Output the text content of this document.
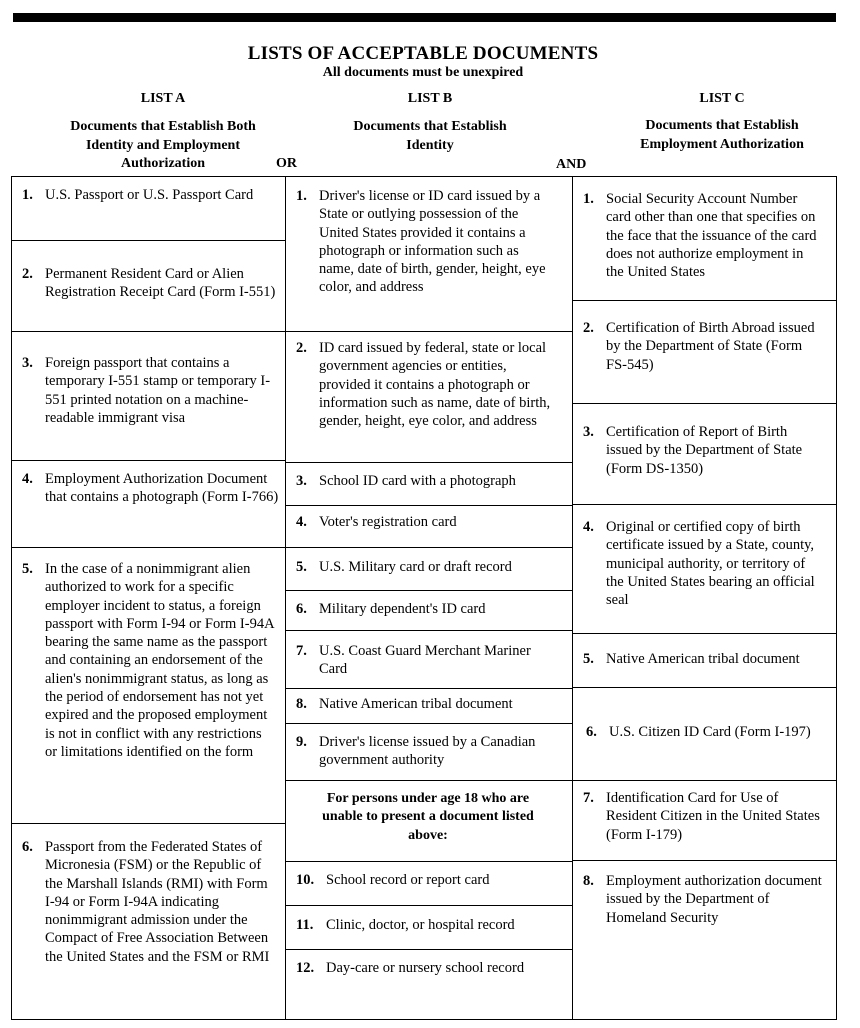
LISTS OF ACCEPTABLE DOCUMENTS
All documents must be unexpired
LIST A
Documents that Establish Both Identity and Employment Authorization
LIST B
Documents that Establish Identity
LIST C
Documents that Establish Employment Authorization
OR	AND
1. U.S. Passport or U.S. Passport Card
2. Permanent Resident Card or Alien Registration Receipt Card (Form I-551)
3. Foreign passport that contains a temporary I-551 stamp or temporary I-551 printed notation on a machine-readable immigrant visa
4. Employment Authorization Document that contains a photograph (Form I-766)
5. In the case of a nonimmigrant alien authorized to work for a specific employer incident to status, a foreign passport with Form I-94 or Form I-94A bearing the same name as the passport and containing an endorsement of the alien's nonimmigrant status, as long as the period of endorsement has not yet expired and the proposed employment is not in conflict with any restrictions or limitations identified on the form
6. Passport from the Federated States of Micronesia (FSM) or the Republic of the Marshall Islands (RMI) with Form I-94 or Form I-94A indicating nonimmigrant admission under the Compact of Free Association Between the United States and the FSM or RMI
1. Driver's license or ID card issued by a State or outlying possession of the United States provided it contains a photograph or information such as name, date of birth, gender, height, eye color, and address
2. ID card issued by federal, state or local government agencies or entities, provided it contains a photograph or information such as name, date of birth, gender, height, eye color, and address
3. School ID card with a photograph
4. Voter's registration card
5. U.S. Military card or draft record
6. Military dependent's ID card
7. U.S. Coast Guard Merchant Mariner Card
8. Native American tribal document
9. Driver's license issued by a Canadian government authority
For persons under age 18 who are unable to present a document listed above:
10. School record or report card
11. Clinic, doctor, or hospital record
12. Day-care or nursery school record
1. Social Security Account Number card other than one that specifies on the face that the issuance of the card does not authorize employment in the United States
2. Certification of Birth Abroad issued by the Department of State (Form FS-545)
3. Certification of Report of Birth issued by the Department of State (Form DS-1350)
4. Original or certified copy of birth certificate issued by a State, county, municipal authority, or territory of the United States bearing an official seal
5. Native American tribal document
6. U.S. Citizen ID Card (Form I-197)
7. Identification Card for Use of Resident Citizen in the United States (Form I-179)
8. Employment authorization document issued by the Department of Homeland Security
